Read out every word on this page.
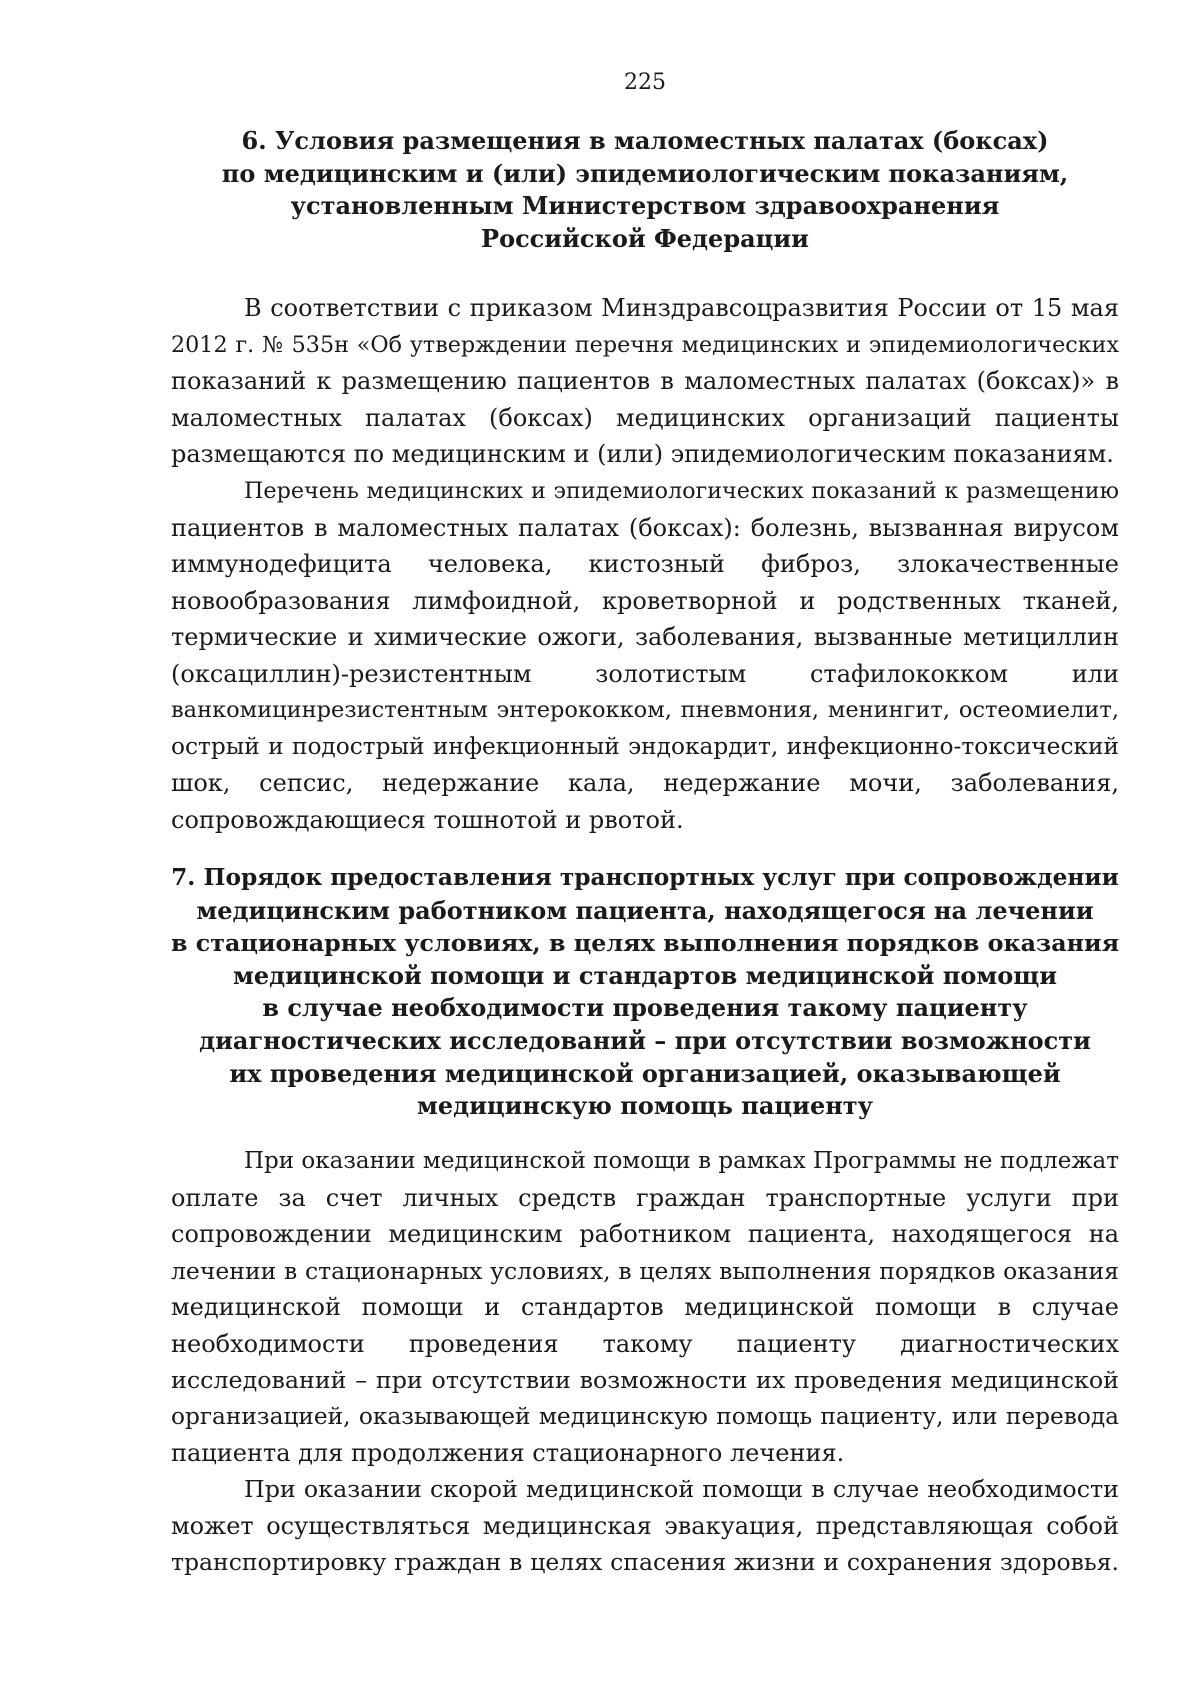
225
6. Условия размещения в маломестных палатах (боксах)
по медицинским и (или) эпидемиологическим показаниям,
установленным Министерством здравоохранения
Российской Федерации
В соответствии с приказом Минздравсоцразвития России от 15 мая
2012 г. № 535н «Об утверждении перечня медицинских и эпидемиологических
показаний к размещению пациентов в маломестных палатах (боксах)» в
маломестных палатах (боксах) медицинских организаций пациенты
размещаются по медицинским и (или) эпидемиологическим показаниям.
Перечень медицинских и эпидемиологических показаний к размещению
пациентов в маломестных палатах (боксах): болезнь, вызванная вирусом
иммунодефицита человека, кистозный фиброз, злокачественные
новообразования лимфоидной, кроветворной и родственных тканей,
термические и химические ожоги, заболевания, вызванные метициллин
(оксациллин)-резистентным золотистым стафилококком или
ванкомицинрезистентным энтерококком, пневмония, менингит, остеомиелит,
острый и подострый инфекционный эндокардит, инфекционно-токсический
шок, сепсис, недержание кала, недержание мочи, заболевания,
сопровождающиеся тошнотой и рвотой.
7. Порядок предоставления транспортных услуг при сопровождении
медицинским работником пациента, находящегося на лечении
в стационарных условиях, в целях выполнения порядков оказания
медицинской помощи и стандартов медицинской помощи
в случае необходимости проведения такому пациенту
диагностических исследований – при отсутствии возможности
их проведения медицинской организацией, оказывающей
медицинскую помощь пациенту
При оказании медицинской помощи в рамках Программы не подлежат
оплате за счет личных средств граждан транспортные услуги при
сопровождении медицинским работником пациента, находящегося на
лечении в стационарных условиях, в целях выполнения порядков оказания
медицинской помощи и стандартов медицинской помощи в случае
необходимости проведения такому пациенту диагностических
исследований – при отсутствии возможности их проведения медицинской
организацией, оказывающей медицинскую помощь пациенту, или перевода
пациента для продолжения стационарного лечения.
При оказании скорой медицинской помощи в случае необходимости
может осуществляться медицинская эвакуация, представляющая собой
транспортировку граждан в целях спасения жизни и сохранения здоровья.
